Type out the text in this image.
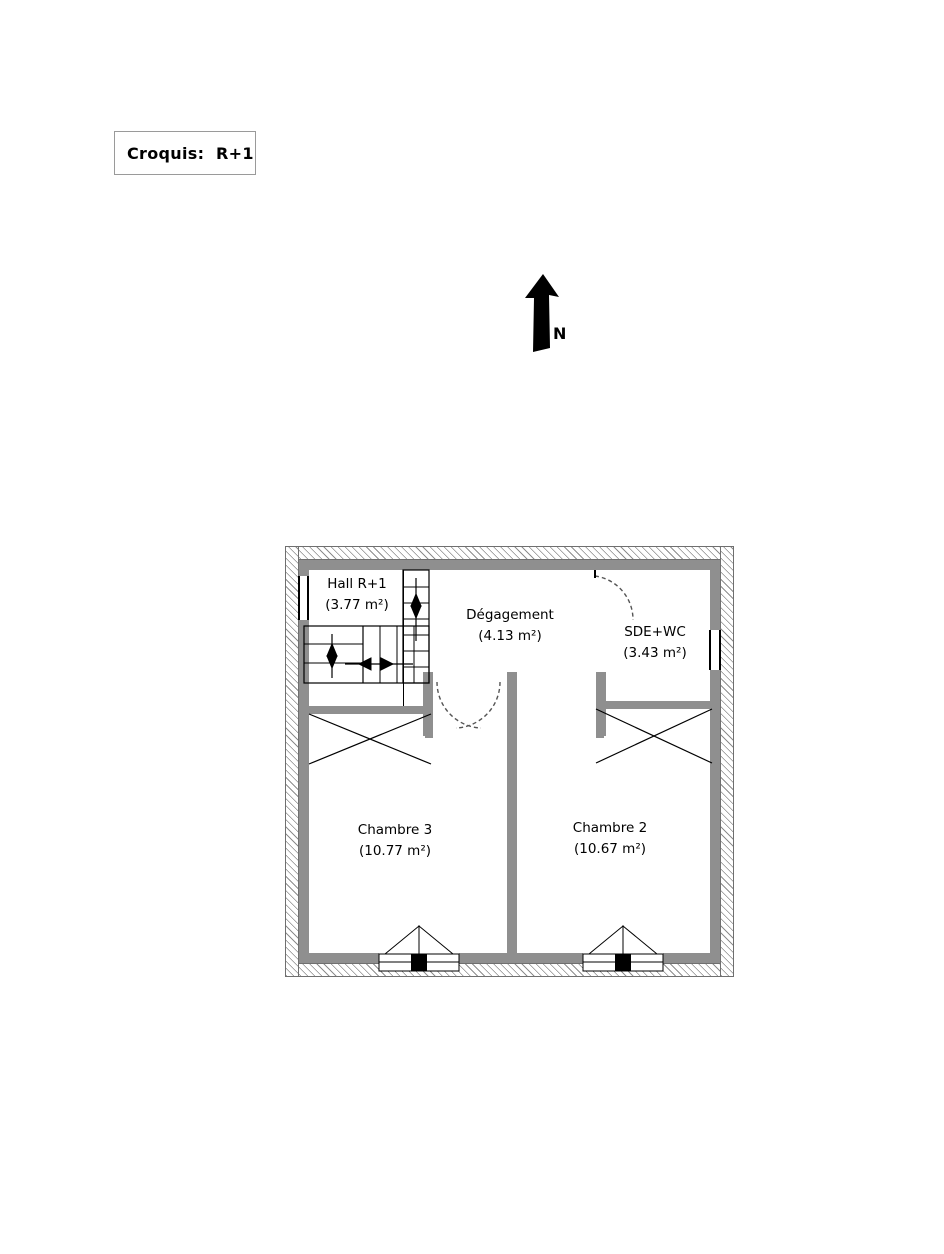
Croquis:  R+1
N
Hall R+1
(3.77 m²)
Dégagement
(4.13 m²)	SDE+WC
(3.43 m²)
Chambre 3
(10.77 m²)
Chambre 2
(10.67 m²)
